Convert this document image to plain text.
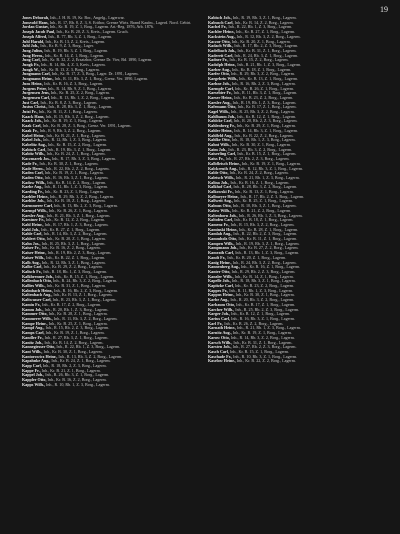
19

Jones Deborah, Inh., J. H. R. 19, Kr. Bor., Angelg., Lagerwar.

Jonsvold Hans, Inh., R. 17, Rb. 8, Z. 3, S. Eritbor, Grenze Wirts. Brand Kaufm., Lagerd. Nord. Gebirt.

Jordan Gustav, Inh., Kr. B. 19, Z. 1, Borg., Lagerm. Art.-Beg. 1876, Arb. 1876.

Joseph Jacob Paul, Inh., Kr. B. 20, Z. 3, Kreis., Lagerm. Gruch.

Joseph Alfred, Inh., R. 77, Rb. 3, Z. 1, Borg., Lagerm.

Juhl Harald, Inh., Kr. B. 13, Z. 2, Kreis., Lagerm.

Juhl Joh., Inh., Kr. B. 9, Z. 3, Borg., Lager.

Jung Julius, Inh., R. 19, Rb. 3, Z. 1, Borg., Lagerm.

Jung Herm., Inh., Kr. B. 14, Z. 1, Borg., Lagerm.

Jung Carl, Inh., Kr. B. 32, Z. 2, Ersatzbor, Grenze Dr. Vier, Bd. 1890, Lagerm.

Jungk Fr., Inh., R. 14, Rb. 4, Z. 3, Kreis., Lagerm.

Jungk W., Inh., Kr. B. 13, Z. 3, Borg., Lagerm.

Jungmann Carl, Inh., Kr. B. 17, Z. 3, Borg., Lager. Dr. 1891, Lagerm.

Jungmann Heinr., Inh., R. 11, Rb. 3, Z. 1, Borg., Grenz. Ver. 1890, Lagerm.

Juns Heinr., Inh., Kr. B. 16, Z. 3, Borg., Lagerm.

Jurgens Peter, Inh., R. 14, Rb. 9, Z. 1, Borg., Lagerm.

Jurgensen Jens, Inh., Kr. B. 25, Z. 2, Borg., Lagerm.

Jurgensen Carl, Inh., R. 13, Rb. 1, Z. 2, Borg., Lagerm.

Just Carl, Inh., Kr. B. 8, Z. 3, Borg., Lagerm.

Justus Christ., Inh., R. 28, Rb. 3, Z. 1, Borg., Lagerm.

Jutzi Fr., Inh., Kr. B. 11, Z. 1, Borg., Lagerm.

Kaack Hans, Inh., R. 15, Rb. 3, Z. 2, Borg., Lagerm.

Kaack Joh., Inh., Kr. B. 19, Z. 1, Borg., Lagerm.

Kaak Carl, Inh., Kr. B. 28, Z. 3, Borg., Grenz. Ver. 1891, Lagerm.

Kaak Fr., Inh., R. 9, Rb. 3, Z. 2, Borg., Lagerm.

Kabel Heinr., Inh., Kr. B. 21, Z. 1, Borg., Lagerm.

Kabel Joh., Inh., R. 12, Rb. 1, Z. 3, Borg., Lagerm.

Kabelitz Aug., Inh., Kr. B. 15, Z. 2, Borg., Lagerm.

Kabisch Carl, Inh., R. 19, Rb. 3, Z. 1, Borg., Lagerm.

Kabitz Wilh., Inh., Kr. B. 24, Z. 1, Borg., Lagerm.

Kaczmarek Jos., Inh., R. 17, Rb. 3, Z. 3, Borg., Lagerm.

Kade Fr., Inh., Kr. B. 30, Z. 1, Borg., Lagerm.

Kade Herm., Inh., R. 22, Rb. 2, Z. 2, Borg., Lagerm.

Kaden Carl, Inh., Kr. B. 19, Z. 1, Borg., Lagerm.

Kaden Otto, Inh., R. 16, Rb. 3, Z. 1, Borg., Lagerm.

Kadow Wilh., Inh., Kr. B. 14, Z. 2, Borg., Lagerm.

Kaebe Aug., Inh., R. 11, Rb. 1, Z. 3, Borg., Lagerm.

Kaeding Fr., Inh., Kr. B. 23, Z. 1, Borg., Lagerm.

Kaehler Heinr., Inh., R. 29, Rb. 3, Z. 2, Borg., Lagerm.

Kaehler Joh., Inh., Kr. B. 18, Z. 1, Borg., Lagerm.

Kaemmerer Carl, Inh., R. 13, Rb. 2, Z. 3, Borg., Lagerm.

Kaempf Wilh., Inh., Kr. B. 26, Z. 1, Borg., Lagerm.

Kaesler Aug., Inh., R. 21, Rb. 3, Z. 1, Borg., Lagerm.

Kaestner Fr., Inh., Kr. B. 12, Z. 2, Borg., Lagerm.

Kahl Heinr., Inh., R. 17, Rb. 1, Z. 3, Borg., Lagerm.

Kahl Joh., Inh., Kr. B. 27, Z. 1, Borg., Lagerm.

Kahle Carl, Inh., R. 14, Rb. 3, Z. 2, Borg., Lagerm.

Kahlert Otto, Inh., Kr. B. 20, Z. 1, Borg., Lagerm.

Kahn Jos., Inh., R. 25, Rb. 3, Z. 1, Borg., Lagerm.

Kaiser Fr., Inh., Kr. B. 16, Z. 2, Borg., Lagerm.

Kaiser Heinr., Inh., R. 19, Rb. 2, Z. 3, Borg., Lagerm.

Kaiser Wilh., Inh., Kr. B. 22, Z. 1, Borg., Lagerm.

Kalb Aug., Inh., R. 12, Rb. 3, Z. 1, Borg., Lagerm.

Kalbe Carl, Inh., Kr. B. 29, Z. 2, Borg., Lagerm.

Kalisch Fr., Inh., R. 18, Rb. 1, Z. 3, Borg., Lagerm.

Kalkbrenner Joh., Inh., Kr. B. 15, Z. 1, Borg., Lagerm.

Kallenbach Otto, Inh., R. 24, Rb. 3, Z. 2, Borg., Lagerm.

Kallies Wilh., Inh., Kr. B. 31, Z. 1, Borg., Lagerm.

Kalmbach Heinr., Inh., R. 16, Rb. 2, Z. 3, Borg., Lagerm.

Kaltenbach Aug., Inh., Kr. B. 13, Z. 1, Borg., Lagerm.

Kaltwasser Carl, Inh., R. 23, Rb. 3, Z. 1, Borg., Lagerm.

Kamin Fr., Inh., Kr. B. 17, Z. 2, Borg., Lagerm.

Kamm Joh., Inh., R. 20, Rb. 1, Z. 3, Borg., Lagerm.

Kammer Otto, Inh., Kr. B. 28, Z. 1, Borg., Lagerm.

Kammerer Wilh., Inh., R. 11, Rb. 3, Z. 2, Borg., Lagerm.

Kampe Heinr., Inh., Kr. B. 25, Z. 1, Borg., Lagerm.

Kampf Aug., Inh., R. 15, Rb. 2, Z. 3, Borg., Lagerm.

Kamps Carl, Inh., Kr. B. 19, Z. 1, Borg., Lagerm.

Kandler Fr., Inh., R. 27, Rb. 3, Z. 1, Borg., Lagerm.

Kanitz Joh., Inh., Kr. B. 14, Z. 2, Borg., Lagerm.

Kannegiesser Otto, Inh., R. 22, Rb. 1, Z. 3, Borg., Lagerm.

Kant Wilh., Inh., Kr. B. 30, Z. 1, Borg., Lagerm.

Kantorowicz Heinr., Inh., R. 13, Rb. 3, Z. 2, Borg., Lagerm.

Kapahnke Aug., Inh., Kr. B. 24, Z. 1, Borg., Lagerm.

Kapp Carl, Inh., R. 18, Rb. 2, Z. 3, Borg., Lagerm.

Kappe Fr., Inh., Kr. B. 21, Z. 1, Borg., Lagerm.

Kappel Joh., Inh., R. 26, Rb. 3, Z. 1, Borg., Lagerm.

Kappler Otto, Inh., Kr. B. 16, Z. 2, Borg., Lagerm.

Kapps Wilh., Inh., R. 10, Rb. 1, Z. 3, Borg., Lagerm.

Kabisch Joh., Inh., R. 19, Rb. 3, Z. 1, Borg., Lagerm.

Kabusch Carl, Inh., Kr. B. 14, Z. 2, Borg., Lagerm.

Kachel Fr., Inh., R. 22, Rb. 1, Z. 3, Borg., Lagerm.

Kachler Heinr., Inh., Kr. B. 27, Z. 1, Borg., Lagerm.

Kackstein Aug., Inh., R. 12, Rb. 3, Z. 2, Borg., Lagerm.

Kaczor Otto, Inh., Kr. B. 20, Z. 1, Borg., Lagerm.

Kadach Wilh., Inh., R. 17, Rb. 2, Z. 3, Borg., Lagerm.

Kadelbach Joh., Inh., Kr. B. 31, Z. 1, Borg., Lagerm.

Kadereit Carl, Inh., R. 24, Rb. 3, Z. 1, Borg., Lagerm.

Kadner Fr., Inh., Kr. B. 15, Z. 2, Borg., Lagerm.

Kadolph Heinr., Inh., R. 21, Rb. 1, Z. 3, Borg., Lagerm.

Kaeber Aug., Inh., Kr. B. 18, Z. 1, Borg., Lagerm.

Kaefer Otto, Inh., R. 29, Rb. 3, Z. 2, Borg., Lagerm.

Kaegebein Wilh., Inh., Kr. B. 13, Z. 1, Borg., Lagerm.

Kaehne Joh., Inh., R. 16, Rb. 2, Z. 3, Borg., Lagerm.

Kaempfe Carl, Inh., Kr. B. 26, Z. 1, Borg., Lagerm.

Kaesebier Fr., Inh., R. 11, Rb. 3, Z. 1, Borg., Lagerm.

Kaeser Heinr., Inh., Kr. B. 23, Z. 2, Borg., Lagerm.

Kaesler Aug., Inh., R. 19, Rb. 1, Z. 3, Borg., Lagerm.

Kafemann Otto, Inh., Kr. B. 17, Z. 1, Borg., Lagerm.

Kagel Wilh., Inh., R. 25, Rb. 3, Z. 2, Borg., Lagerm.

Kahlbaum Joh., Inh., Kr. B. 12, Z. 1, Borg., Lagerm.

Kahlcke Carl, Inh., R. 20, Rb. 2, Z. 3, Borg., Lagerm.

Kahlenberg Fr., Inh., Kr. B. 29, Z. 1, Borg., Lagerm.

Kahler Heinr., Inh., R. 14, Rb. 3, Z. 1, Borg., Lagerm.

Kahlfeld Aug., Inh., Kr. B. 22, Z. 2, Borg., Lagerm.

Kahlke Otto, Inh., R. 18, Rb. 1, Z. 3, Borg., Lagerm.

Kahnt Wilh., Inh., Kr. B. 30, Z. 1, Borg., Lagerm.

Kaim Joh., Inh., R. 23, Rb. 3, Z. 2, Borg., Lagerm.

Kaiserling Carl, Inh., Kr. B. 15, Z. 1, Borg., Lagerm.

Kaiss Fr., Inh., R. 27, Rb. 2, Z. 3, Borg., Lagerm.

Kalbfleisch Heinr., Inh., Kr. B. 19, Z. 1, Borg., Lagerm.

Kalckreuth Aug., Inh., R. 12, Rb. 3, Z. 1, Borg., Lagerm.

Kalde Otto, Inh., Kr. B. 24, Z. 2, Borg., Lagerm.

Kaletsch Wilh., Inh., R. 21, Rb. 1, Z. 3, Borg., Lagerm.

Kalina Joh., Inh., Kr. B. 16, Z. 1, Borg., Lagerm.

Kalkhof Carl, Inh., R. 28, Rb. 3, Z. 2, Borg., Lagerm.

Kalkowski Fr., Inh., Kr. B. 13, Z. 1, Borg., Lagerm.

Kallmeyer Heinr., Inh., R. 17, Rb. 2, Z. 3, Borg., Lagerm.

Kallweit Aug., Inh., Kr. B. 25, Z. 1, Borg., Lagerm.

Kalmus Otto, Inh., R. 10, Rb. 3, Z. 1, Borg., Lagerm.

Kalow Wilh., Inh., Kr. B. 21, Z. 2, Borg., Lagerm.

Kaltenborn Joh., Inh., R. 26, Rb. 1, Z. 3, Borg., Lagerm.

Kaltofen Carl, Inh., Kr. B. 18, Z. 1, Borg., Lagerm.

Kamenz Fr., Inh., R. 15, Rb. 3, Z. 2, Borg., Lagerm.

Kaminski Heinr., Inh., Kr. B. 28, Z. 1, Borg., Lagerm.

Kamlah Aug., Inh., R. 22, Rb. 2, Z. 3, Borg., Lagerm.

Kammholz Otto, Inh., Kr. B. 11, Z. 1, Borg., Lagerm.

Kampen Wilh., Inh., R. 19, Rb. 3, Z. 1, Borg., Lagerm.

Kampmann Joh., Inh., Kr. B. 27, Z. 2, Borg., Lagerm.

Kamrath Carl, Inh., R. 13, Rb. 1, Z. 3, Borg., Lagerm.

Kandt Fr., Inh., Kr. B. 20, Z. 1, Borg., Lagerm.

Kanig Heinr., Inh., R. 24, Rb. 3, Z. 2, Borg., Lagerm.

Kannenberg Aug., Inh., Kr. B. 16, Z. 1, Borg., Lagerm.

Kanter Otto, Inh., R. 29, Rb. 2, Z. 3, Borg., Lagerm.

Kanzler Wilh., Inh., Kr. B. 14, Z. 1, Borg., Lagerm.

Kapelle Joh., Inh., R. 18, Rb. 3, Z. 1, Borg., Lagerm.

Kapitzke Carl, Inh., Kr. B. 23, Z. 2, Borg., Lagerm.

Kappes Fr., Inh., R. 11, Rb. 1, Z. 3, Borg., Lagerm.

Kappus Heinr., Inh., Kr. B. 30, Z. 1, Borg., Lagerm.

Karbe Aug., Inh., R. 20, Rb. 3, Z. 2, Borg., Lagerm.

Karbaum Otto, Inh., Kr. B. 17, Z. 1, Borg., Lagerm.

Karcher Wilh., Inh., R. 25, Rb. 2, Z. 3, Borg., Lagerm.

Karger Joh., Inh., Kr. B. 12, Z. 1, Borg., Lagerm.

Karius Carl, Inh., R. 16, Rb. 3, Z. 1, Borg., Lagerm.

Karl Fr., Inh., Kr. B. 26, Z. 2, Borg., Lagerm.

Karnath Heinr., Inh., R. 21, Rb. 1, Z. 3, Borg., Lagerm.

Karnitz Aug., Inh., Kr. B. 19, Z. 1, Borg., Lagerm.

Karow Otto, Inh., R. 14, Rb. 3, Z. 2, Borg., Lagerm.

Karsch Wilh., Inh., Kr. B. 31, Z. 1, Borg., Lagerm.

Karsten Joh., Inh., R. 27, Rb. 2, Z. 3, Borg., Lagerm.

Kasch Carl, Inh., Kr. B. 15, Z. 1, Borg., Lagerm.

Kaschade Fr., Inh., R. 10, Rb. 3, Z. 1, Borg., Lagerm.

Kaselow Heinr., Inh., Kr. B. 22, Z. 2, Borg., Lagerm.
